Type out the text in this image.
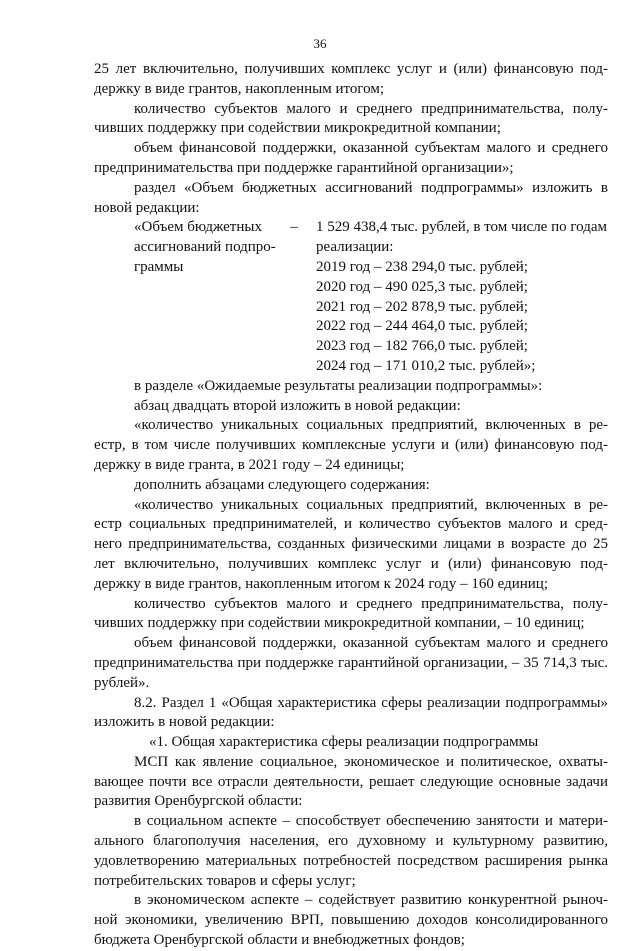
36

25 лет включительно, получивших комплекс услуг и (или) финансовую под-держку в виде грантов, накопленным итогом;

количество субъектов малого и среднего предпринимательства, полу-чивших поддержку при содействии микрокредитной компании;

объем финансовой поддержки, оказанной субъектам малого и среднего предпринимательства при поддержке гарантийной организации»;

раздел «Объем бюджетных ассигнований подпрограммы» изложить в новой редакции:

«Объем бюджетных
ассигнований подпро-
граммы
–	1 529 438,4 тыс. рублей, в том числе по годам
реализации:
2019 год – 238 294,0 тыс. рублей;
2020 год – 490 025,3 тыс. рублей;
2021 год – 202 878,9 тыс. рублей;
2022 год – 244 464,0 тыс. рублей;
2023 год – 182 766,0 тыс. рублей;
2024 год – 171 010,2 тыс. рублей»;

в разделе «Ожидаемые результаты реализации подпрограммы»:

абзац двадцать второй изложить в новой редакции:

«количество уникальных социальных предприятий, включенных в ре-естр, в том числе получивших комплексные услуги и (или) финансовую под-держку в виде гранта, в 2021 году – 24 единицы;

дополнить абзацами следующего содержания:

«количество уникальных социальных предприятий, включенных в ре-естр социальных предпринимателей, и количество субъектов малого и сред-него предпринимательства, созданных физическими лицами в возрасте до 25 лет включительно, получивших комплекс услуг и (или) финансовую под-держку в виде грантов, накопленным итогом к 2024 году – 160 единиц;

количество субъектов малого и среднего предпринимательства, полу-чивших поддержку при содействии микрокредитной компании, – 10 единиц;

объем финансовой поддержки, оказанной субъектам малого и среднего предпринимательства при поддержке гарантийной организации, – 35 714,3 тыс. рублей».

8.2. Раздел 1 «Общая характеристика сферы реализации подпрограммы» изложить в новой редакции:

«1. Общая характеристика сферы реализации подпрограммы

МСП как явление социальное, экономическое и политическое, охваты-вающее почти все отрасли деятельности, решает следующие основные задачи развития Оренбургской области:

в социальном аспекте – способствует обеспечению занятости и матери-ального благополучия населения, его духовному и культурному развитию, удовлетворению материальных потребностей посредством расширения рынка потребительских товаров и сферы услуг;

в экономическом аспекте – содействует развитию конкурентной рыноч-ной экономики, увеличению ВРП, повышению доходов консолидированного бюджета Оренбургской области и внебюджетных фондов;
